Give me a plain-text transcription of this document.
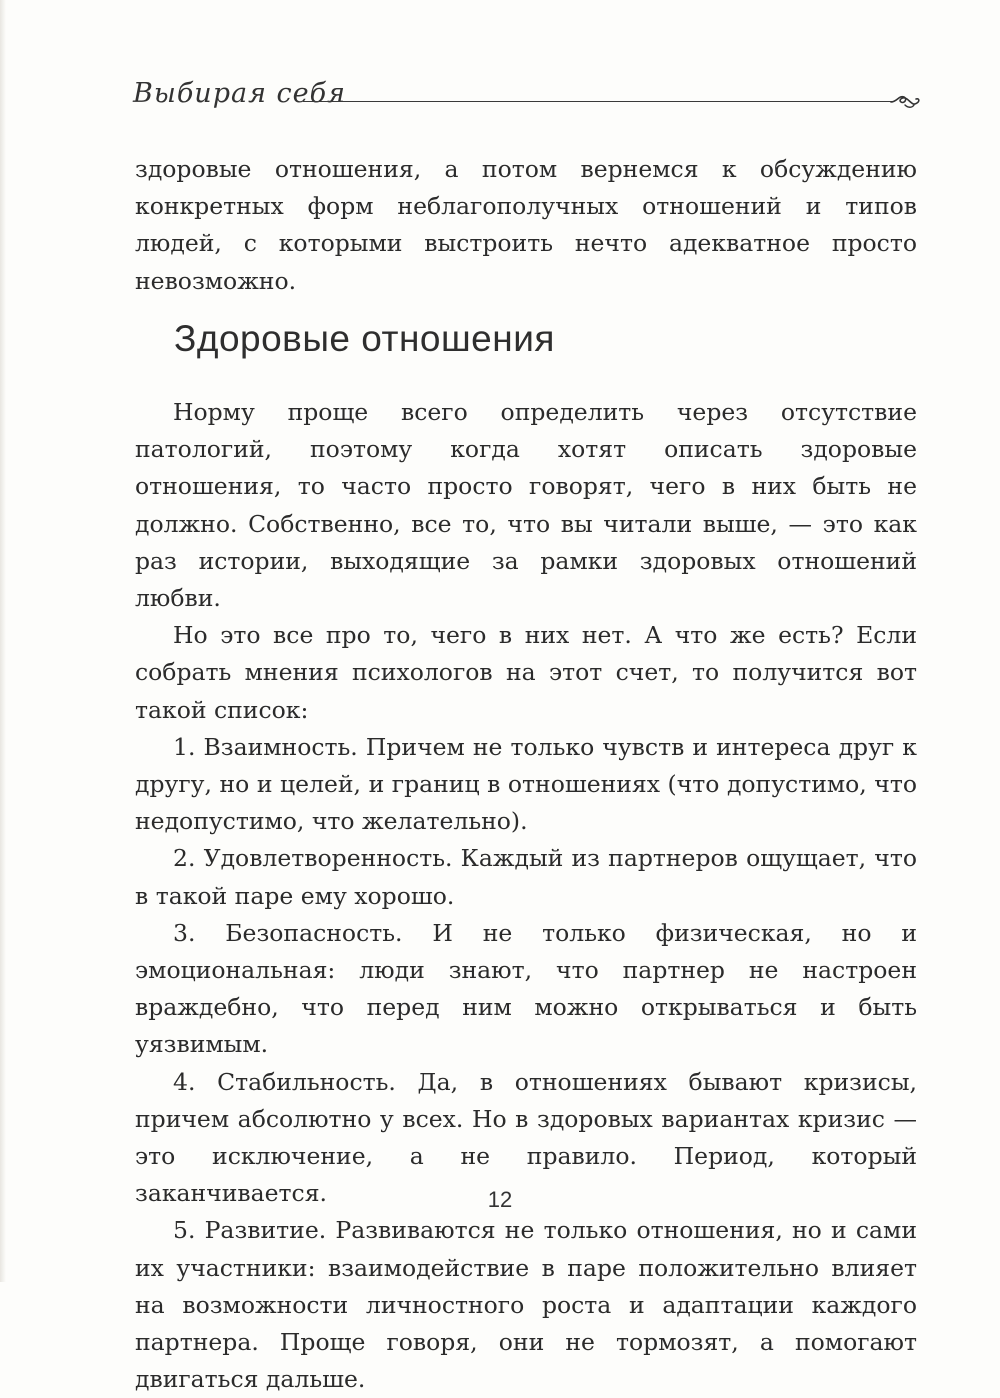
Выбирая себя

здоровые отношения, а потом вернемся к обсуждению конкретных форм неблагополучных отношений и типов людей, с которыми выстроить нечто адекватное просто невозможно.

Здоровые отношения

Норму проще всего определить через отсутствие патологий, поэтому когда хотят описать здоровые отношения, то часто просто говорят, чего в них быть не должно. Собственно, все то, что вы читали выше, — это как раз истории, выходящие за рамки здоровых отношений любви.

Но это все про то, чего в них нет. А что же есть? Если собрать мнения психологов на этот счет, то получится вот такой список:

1. Взаимность. Причем не только чувств и интереса друг к другу, но и целей, и границ в отношениях (что допустимо, что недопустимо, что желательно).

2. Удовлетворенность. Каждый из партнеров ощущает, что в такой паре ему хорошо.

3. Безопасность. И не только физическая, но и эмоциональная: люди знают, что партнер не настроен враждебно, что перед ним можно открываться и быть уязвимым.

4. Стабильность. Да, в отношениях бывают кризисы, причем абсолютно у всех. Но в здоровых вариантах кризис — это исключение, а не правило. Период, который заканчивается.

5. Развитие. Развиваются не только отношения, но и сами их участники: взаимодействие в паре положительно влияет на возможности личностного роста и адаптации каждого партнера. Проще говоря, они не тормозят, а помогают двигаться дальше.

12
